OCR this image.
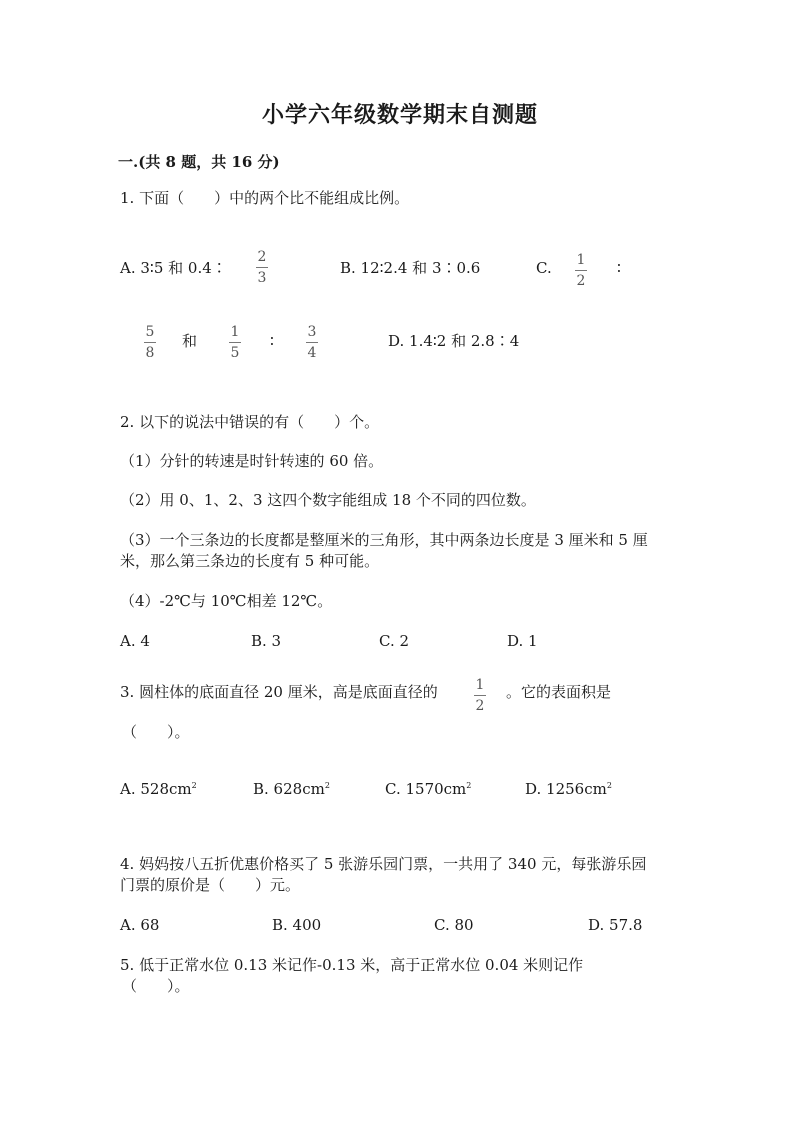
小学六年级数学期末自测题
一.(共 8 题，共 16 分)
1. 下面（　　）中的两个比不能组成比例。
A. 3∶5 和 0.4∶
2
3
B. 12∶2.4 和 3∶0.6	C. 1
2
∶
5
8
和 1
5
∶ 3
4
D. 1.4∶2 和 2.8∶4
2. 以下的说法中错误的有（　　）个。
（1）分针的转速是时针转速的 60 倍。
（2）用 0、1、2、3 这四个数字能组成 18 个不同的四位数。
（3）一个三条边的长度都是整厘米的三角形，其中两条边长度是 3 厘米和 5 厘
米，那么第三条边的长度有 5 种可能。
（4）-2℃与 10℃相差 12℃。
A. 4	B. 3	C. 2	D. 1
3. 圆柱体的底面直径 20 厘米，高是底面直径的	1
2
。它的表面积是
（　　）。
A. $528cm^2$	B. $628cm^2$	C. $1570cm^2$	D. $1256cm^2$
4. 妈妈按八五折优惠价格买了 5 张游乐园门票，一共用了 340 元，每张游乐园
门票的原价是（　　）元。
A. 68	B. 400	C. 80	D. 57.8
5. 低于正常水位 0.13 米记作-0.13 米，高于正常水位 0.04 米则记作
（　　）。
